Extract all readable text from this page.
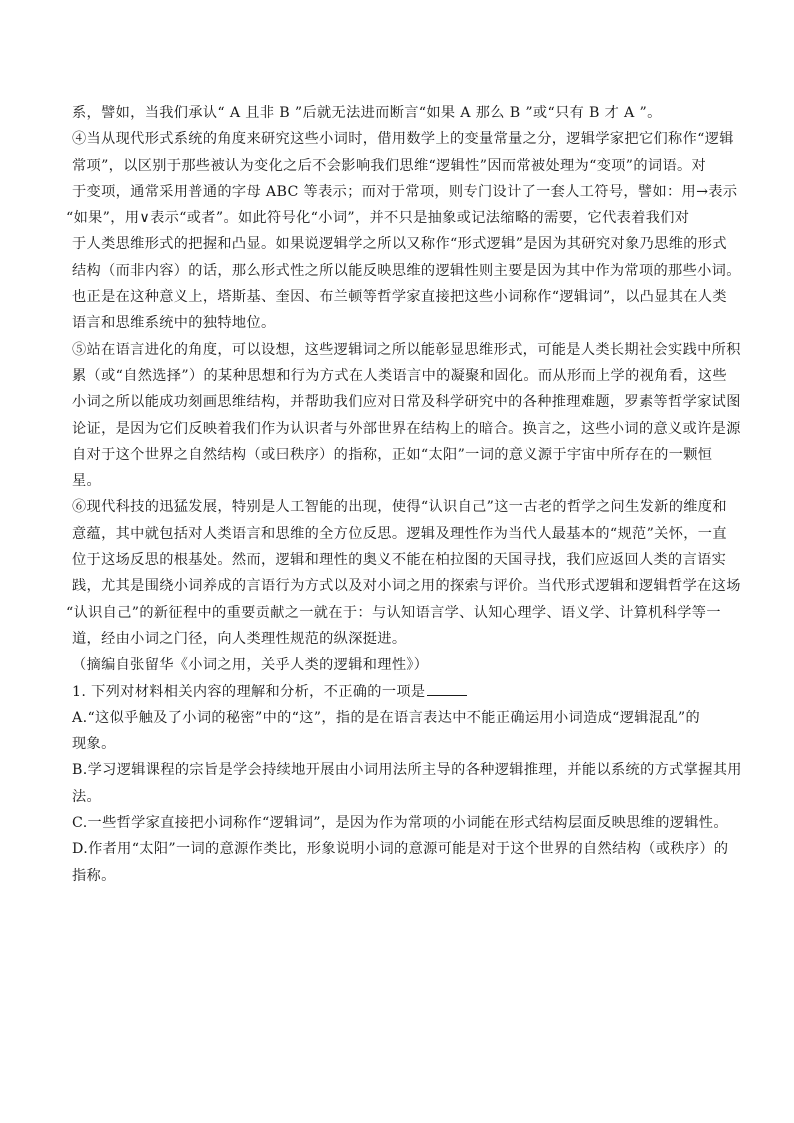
系，譬如，当我们承认“ A 且非 B ”后就无法进而断言“如果 A 那么 B ”或“只有 B 才 A ”。
④当从现代形式系统的角度来研究这些小词时，借用数学上的变量常量之分，逻辑学家把它们称作“逻辑
常项”，以区别于那些被认为变化之后不会影响我们思维“逻辑性”因而常被处理为“变项”的词语。对
于变项，通常采用普通的字母 ABC 等表示；而对于常项，则专门设计了一套人工符号，譬如：用→表示
“如果”，用∨表示“或者”。如此符号化“小词”，并不只是抽象或记法缩略的需要，它代表着我们对
于人类思维形式的把握和凸显。如果说逻辑学之所以又称作“形式逻辑”是因为其研究对象乃思维的形式
结构（而非内容）的话，那么形式性之所以能反映思维的逻辑性则主要是因为其中作为常项的那些小词。
也正是在这种意义上，塔斯基、奎因、布兰顿等哲学家直接把这些小词称作“逻辑词”，以凸显其在人类
语言和思维系统中的独特地位。
⑤站在语言进化的角度，可以设想，这些逻辑词之所以能彰显思维形式，可能是人类长期社会实践中所积
累（或“自然选择”）的某种思想和行为方式在人类语言中的凝聚和固化。而从形而上学的视角看，这些
小词之所以能成功刻画思维结构，并帮助我们应对日常及科学研究中的各种推理难题，罗素等哲学家试图
论证，是因为它们反映着我们作为认识者与外部世界在结构上的暗合。换言之，这些小词的意义或许是源
自对于这个世界之自然结构（或曰秩序）的指称，正如“太阳”一词的意义源于宇宙中所存在的一颗恒
星。
⑥现代科技的迅猛发展，特别是人工智能的出现，使得“认识自己”这一古老的哲学之问生发新的维度和
意蕴，其中就包括对人类语言和思维的全方位反思。逻辑及理性作为当代人最基本的“规范”关怀，一直
位于这场反思的根基处。然而，逻辑和理性的奥义不能在柏拉图的天国寻找，我们应返回人类的言语实
践，尤其是围绕小词养成的言语行为方式以及对小词之用的探索与评价。当代形式逻辑和逻辑哲学在这场
“认识自己”的新征程中的重要贡献之一就在于：与认知语言学、认知心理学、语义学、计算机科学等一
道，经由小词之门径，向人类理性规范的纵深挺进。
（摘编自张留华《小词之用，关乎人类的逻辑和理性》）
1. 下列对材料相关内容的理解和分析，不正确的一项是
A.“这似乎触及了小词的秘密”中的“这”，指的是在语言表达中不能正确运用小词造成“逻辑混乱”的
现象。
B.学习逻辑课程的宗旨是学会持续地开展由小词用法所主导的各种逻辑推理，并能以系统的方式掌握其用
法。
C.一些哲学家直接把小词称作“逻辑词”，是因为作为常项的小词能在形式结构层面反映思维的逻辑性。
D.作者用“太阳”一词的意源作类比，形象说明小词的意源可能是对于这个世界的自然结构（或秩序）的
指称。
